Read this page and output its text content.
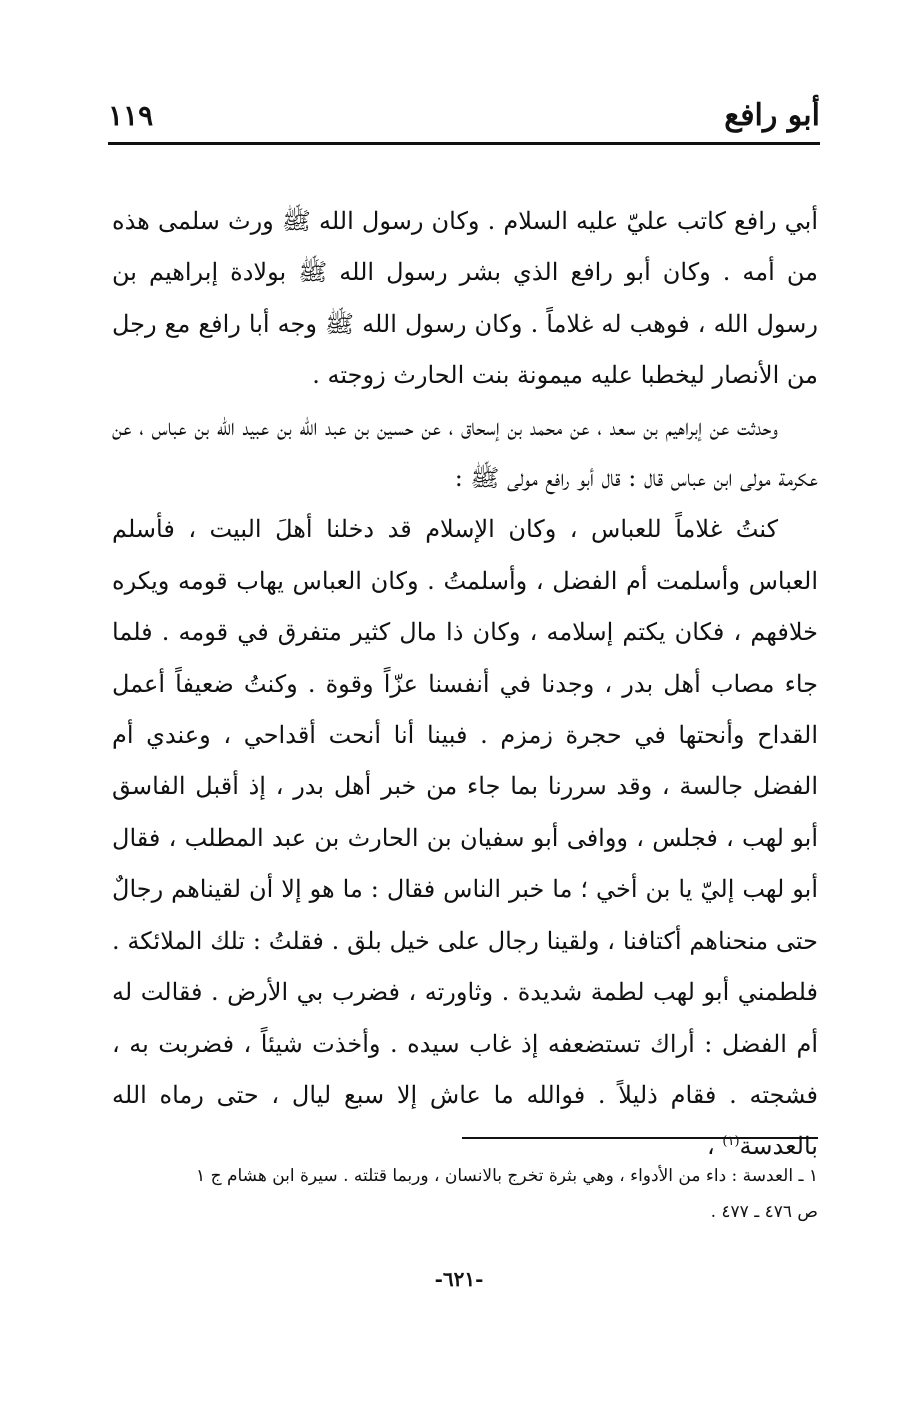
أبو رافع
١١٩

أبي رافع كاتب عليّ عليه السلام . وكان رسول الله ﷺ ورث سلمى هذه من أمه . وكان أبو رافع الذي بشر رسول الله ﷺ بولادة إبراهيم بن رسول الله ، فوهب له غلاماً . وكان رسول الله ﷺ وجه أبا رافع مع رجل من الأنصار ليخطبا عليه ميمونة بنت الحارث زوجته .

وحدثت عن إبراهيم بن سعد ، عن محمد بن إسحاق ، عن حسين بن عبد الله بن عبيد الله بن عباس ، عن عكرمة مولى ابن عباس قال : قال أبو رافع مولى ﷺ :

كنتُ غلاماً للعباس ، وكان الإسلام قد دخلنا أهلَ البيت ، فأسلم العباس وأسلمت أم الفضل ، وأسلمتُ . وكان العباس يهاب قومه ويكره خلافهم ، فكان يكتم إسلامه ، وكان ذا مال كثير متفرق في قومه . فلما جاء مصاب أهل بدر ، وجدنا في أنفسنا عزّاً وقوة . وكنتُ ضعيفاً أعمل القداح وأنحتها في حجرة زمزم . فبينا أنا أنحت أقداحي ، وعندي أم الفضل جالسة ، وقد سررنا بما جاء من خبر أهل بدر ، إذ أقبل الفاسق أبو لهب ، فجلس ، ووافى أبو سفيان بن الحارث بن عبد المطلب ، فقال أبو لهب إليّ يا بن أخي ؛ ما خبر الناس فقال : ما هو إلا أن لقيناهم رجالٌ حتى منحناهم أكتافنا ، ولقينا رجال على خيل بلق . فقلتُ : تلك الملائكة . فلطمني أبو لهب لطمة شديدة . وثاورته ، فضرب بي الأرض . فقالت له أم الفضل : أراك تستضعفه إذ غاب سيده . وأخذت شيئاً ، فضربت به ، فشجته . فقام ذليلاً . فوالله ما عاش إلا سبع ليال ، حتى رماه الله بالعدسة$^{(١)}$ ،

١ ـ العدسة : داء من الأدواء ، وهي بثرة تخرج بالانسان ، وربما قتلته . سيرة ابن هشام ج ١

ص ٤٧٦ ـ ٤٧٧ .

-٦٢١-
